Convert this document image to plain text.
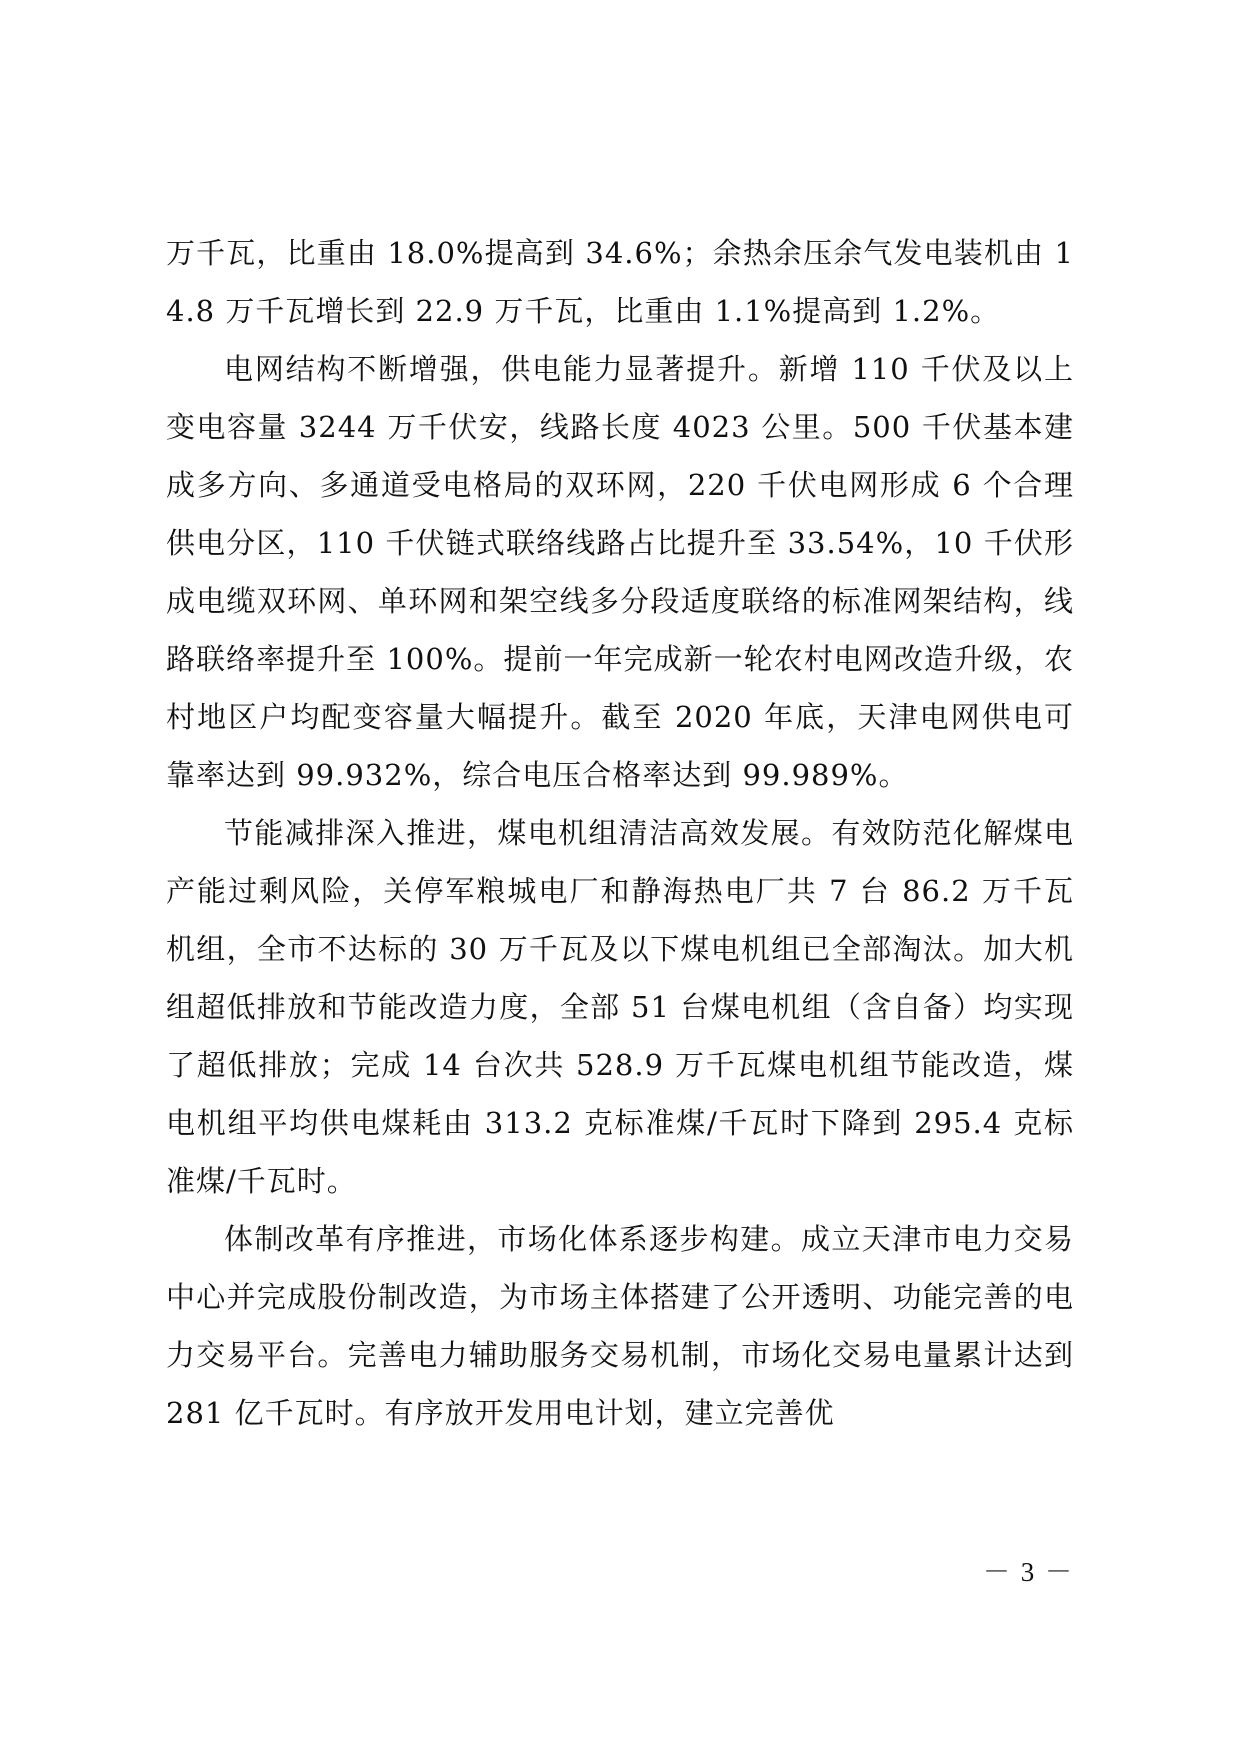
万千瓦，比重由 18.0%提高到 34.6%；余热余压余气发电装机由 14.8 万千瓦增长到 22.9 万千瓦，比重由 1.1%提高到 1.2%。

电网结构不断增强，供电能力显著提升。新增 110 千伏及以上变电容量 3244 万千伏安，线路长度 4023 公里。500 千伏基本建成多方向、多通道受电格局的双环网，220 千伏电网形成 6 个合理供电分区，110 千伏链式联络线路占比提升至 33.54%，10 千伏形成电缆双环网、单环网和架空线多分段适度联络的标准网架结构，线路联络率提升至 100%。提前一年完成新一轮农村电网改造升级，农村地区户均配变容量大幅提升。截至 2020 年底，天津电网供电可靠率达到 99.932%，综合电压合格率达到 99.989%。

节能减排深入推进，煤电机组清洁高效发展。有效防范化解煤电产能过剩风险，关停军粮城电厂和静海热电厂共 7 台 86.2 万千瓦机组，全市不达标的 30 万千瓦及以下煤电机组已全部淘汰。加大机组超低排放和节能改造力度，全部 51 台煤电机组（含自备）均实现了超低排放；完成 14 台次共 528.9 万千瓦煤电机组节能改造，煤电机组平均供电煤耗由 313.2 克标准煤/千瓦时下降到 295.4 克标准煤/千瓦时。

体制改革有序推进，市场化体系逐步构建。成立天津市电力交易中心并完成股份制改造，为市场主体搭建了公开透明、功能完善的电力交易平台。完善电力辅助服务交易机制，市场化交易电量累计达到 281 亿千瓦时。有序放开发用电计划，建立完善优

－ 3 －
